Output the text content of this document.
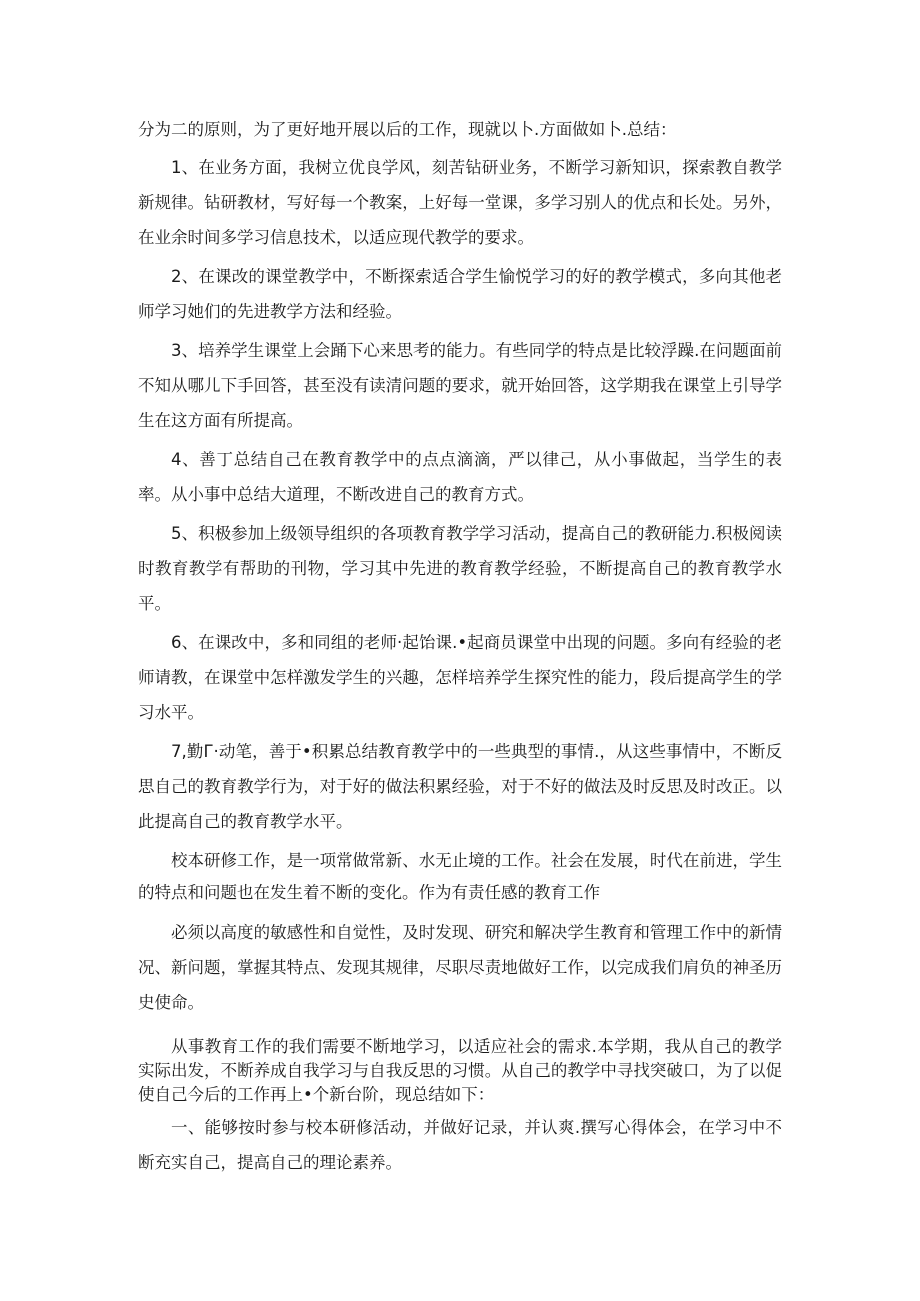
分为二的原则，为了更好地开展以后的工作，现就以卜.方面做如卜.总结：

1、在业务方面，我树立优良学风，刻苦钻研业务，不断学习新知识，探索教自教学新规律。钻研教材，写好每一个教案，上好每一堂课，多学习别人的优点和长处。另外，在业余时间多学习信息技术，以适应现代教学的要求。

2、在课改的课堂教学中，不断探索适合学生愉悦学习的好的教学模式，多向其他老师学习她们的先进教学方法和经验。

3、培养学生课堂上会踊下心来思考的能力。有些同学的特点是比较浮躁.在问题面前不知从哪儿下手回答，甚至没有读清问题的要求，就开始回答，这学期我在课堂上引导学生在这方面有所提高。

4、善丁总结自己在教育教学中的点点滴滴，严以律己，从小事做起，当学生的表率。从小事中总结大道理，不断改进自己的教育方式。

5、积极参加上级领导组织的各项教育教学学习活动，提高自己的教研能力.积极阅读时教育教学有帮助的刊物，学习其中先进的教育教学经验，不断提高自己的教育教学水平。

6、在课改中，多和同组的老师·起饴课.•起商员课堂中出现的问题。多向有经验的老师请教，在课堂中怎样激发学生的兴趣，怎样培养学生探究性的能力，段后提高学生的学习水平。

7,勤Г·动笔，善于•积累总结教育教学中的一些典型的事情.，从这些事情中，不断反思自己的教育教学行为，对于好的做法积累经验，对于不好的做法及时反思及时改正。以此提高自己的教育教学水平。

校本研修工作，是一项常做常新、水无止境的工作。社会在发展，时代在前进，学生的特点和问题也在发生着不断的变化。作为有责任感的教育工作

必须以高度的敏感性和自觉性，及时发现、研究和解决学生教育和管理工作中的新情况、新问题，掌握其特点、发现其规律，尽职尽责地做好工作，以完成我们肩负的神圣历史使命。

从事教育工作的我们需要不断地学习，以适应社会的需求.本学期，我从自己的教学实际出发，不断养成自我学习与自我反思的习惯。从自己的教学中寻找突破口，为了以促使自己今后的工作再上•个新台阶，现总结如下：

一、能够按时参与校本研修活动，并做好记录，并认爽.撰写心得体会，在学习中不断充实自己，提高自己的理论素养。
